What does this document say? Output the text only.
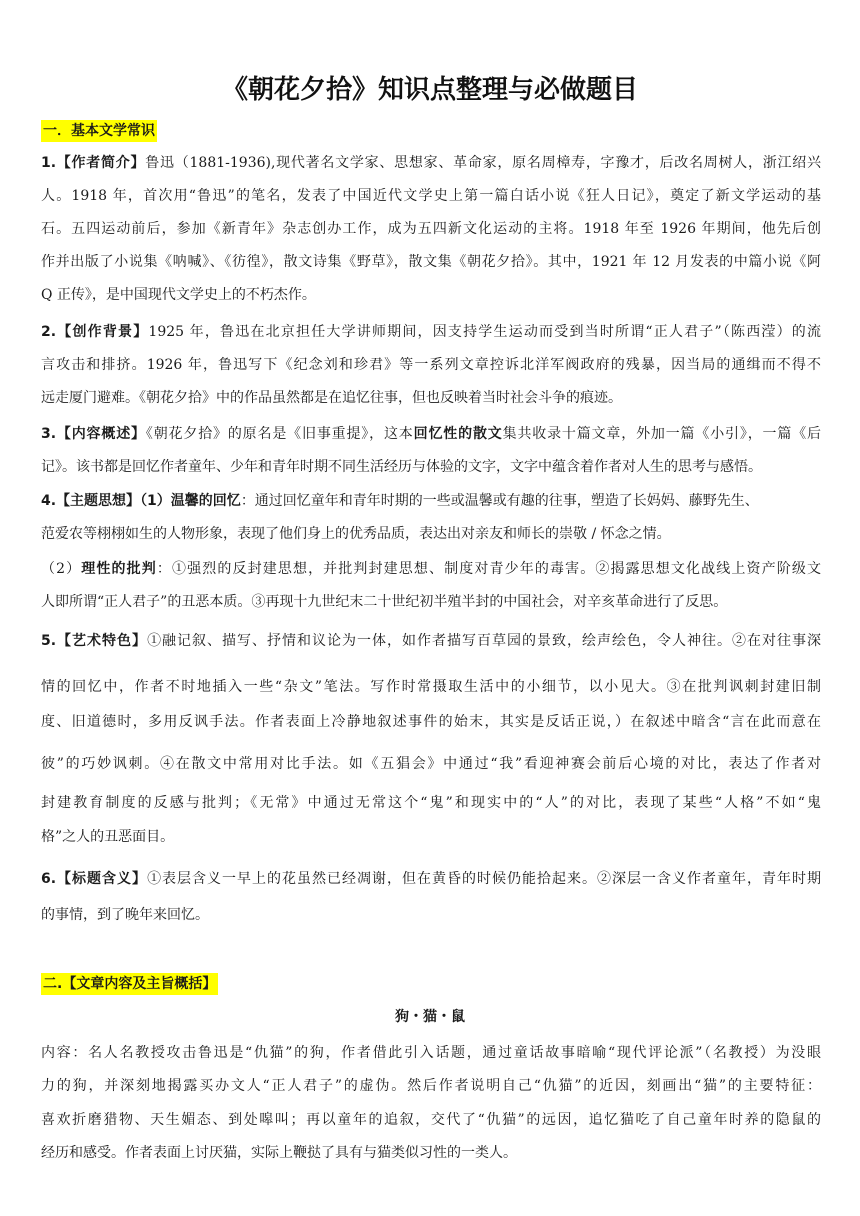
《朝花夕拾》知识点整理与必做题目
一．基本文学常识
1.【作者简介】鲁迅（1881-1936),现代著名文学家、思想家、革命家，原名周樟寿，字豫才，后改名周树人，浙江绍兴
人。1918 年，首次用“鲁迅”的笔名，发表了中国近代文学史上第一篇白话小说《狂人日记》，奠定了新文学运动的基
石。五四运动前后，参加《新青年》杂志创办工作，成为五四新文化运动的主将。1918 年至 1926 年期间，他先后创
作并出版了小说集《呐喊》、《彷徨》，散文诗集《野草》，散文集《朝花夕拾》。其中，1921 年 12 月发表的中篇小说《阿
Q 正传》，是中国现代文学史上的不朽杰作。
2.【创作背景】1925 年，鲁迅在北京担任大学讲师期间，因支持学生运动而受到当时所谓“正人君子”（陈西滢）的流
言攻击和排挤。1926 年，鲁迅写下《纪念刘和珍君》等一系列文章控诉北洋军阀政府的残暴，因当局的通缉而不得不
远走厦门避难。《朝花夕拾》中的作品虽然都是在追忆往事，但也反映着当时社会斗争的痕迹。
3.【内容概述】《朝花夕拾》的原名是《旧事重提》，这本回忆性的散文集共收录十篇文章，外加一篇《小引》，一篇《后
记》。该书都是回忆作者童年、少年和青年时期不同生活经历与体验的文字，文字中蕴含着作者对人生的思考与感悟。
4.【主题思想】（1）温馨的回忆：通过回忆童年和青年时期的一些或温馨或有趣的往事，塑造了长妈妈、藤野先生、
范爱农等栩栩如生的人物形象，表现了他们身上的优秀品质，表达出对亲友和师长的崇敬 / 怀念之情。
（2）理性的批判：①强烈的反封建思想，并批判封建思想、制度对青少年的毒害。②揭露思想文化战线上资产阶级文
人即所谓“正人君子”的丑恶本质。③再现十九世纪末二十世纪初半殖半封的中国社会，对辛亥革命进行了反思。
5.【艺术特色】①融记叙、描写、抒情和议论为一体，如作者描写百草园的景致，绘声绘色，令人神往。②在对往事深
情的回忆中，作者不时地插入一些“杂文”笔法。写作时常摄取生活中的小细节，以小见大。③在批判讽刺封建旧制
度、旧道德时，多用反讽手法。作者表面上冷静地叙述事件的始末，其实是反话正说，）在叙述中暗含“言在此而意在
彼”的巧妙讽刺。④在散文中常用对比手法。如《五猖会》中通过“我”看迎神赛会前后心境的对比，表达了作者对
封建教育制度的反感与批判；《无常》中通过无常这个“鬼”和现实中的“人”的对比，表现了某些“人格”不如“鬼
格”之人的丑恶面目。
6.【标题含义】①表层含义一早上的花虽然已经凋谢，但在黄昏的时候仍能拾起来。②深层一含义作者童年，青年时期
的事情，到了晚年来回忆。
二.【文章内容及主旨概括】
狗・猫・鼠
内容：名人名教授攻击鲁迅是“仇猫”的狗，作者借此引入话题，通过童话故事暗喻“现代评论派”（名教授）为没眼
力的狗，并深刻地揭露买办文人“正人君子”的虚伪。然后作者说明自己“仇猫”的近因，刻画出“猫”的主要特征：
喜欢折磨猎物、天生媚态、到处嗥叫；再以童年的追叙，交代了“仇猫”的远因，追忆猫吃了自己童年时养的隐鼠的
经历和感受。作者表面上讨厌猫，实际上鞭挞了具有与猫类似习性的一类人。
